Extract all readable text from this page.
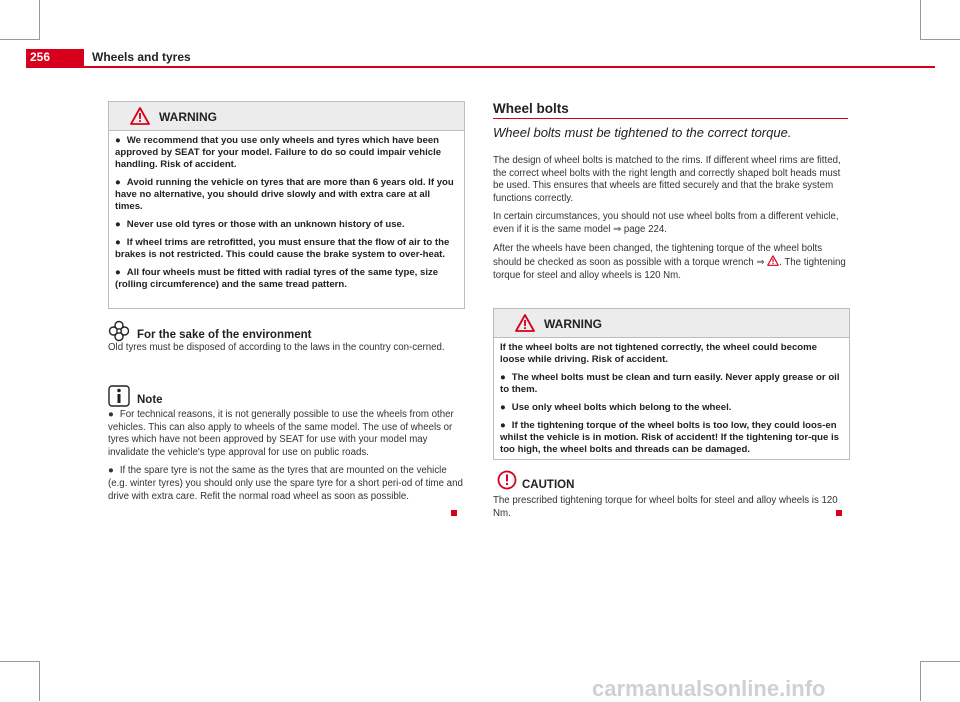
256	Wheels and tyres
WARNING

● We recommend that you use only wheels and tyres which have been approved by SEAT for your model. Failure to do so could impair vehicle handling. Risk of accident.

● Avoid running the vehicle on tyres that are more than 6 years old. If you have no alternative, you should drive slowly and with extra care at all times.

● Never use old tyres or those with an unknown history of use.

● If wheel trims are retrofitted, you must ensure that the flow of air to the brakes is not restricted. This could cause the brake system to over-heat.

● All four wheels must be fitted with radial tyres of the same type, size (rolling circumference) and the same tread pattern.

For the sake of the environment
Old tyres must be disposed of according to the laws in the country con-cerned.
Note

● For technical reasons, it is not generally possible to use the wheels from other vehicles. This can also apply to wheels of the same model. The use of wheels or tyres which have not been approved by SEAT for use with your model may invalidate the vehicle's type approval for use on public roads.

● If the spare tyre is not the same as the tyres that are mounted on the vehicle (e.g. winter tyres) you should only use the spare tyre for a short peri-od of time and drive with extra care. Refit the normal road wheel as soon as possible.

Wheel bolts
Wheel bolts must be tightened to the correct torque.

The design of wheel bolts is matched to the rims. If different wheel rims are fitted, the correct wheel bolts with the right length and correctly shaped bolt heads must be used. This ensures that wheels are fitted securely and that the brake system functions correctly.

In certain circumstances, you should not use wheel bolts from a different vehicle, even if it is the same model ⇒ page 224.

After the wheels have been changed, the tightening torque of the wheel bolts should be checked as soon as possible with a torque wrench ⇒ . The tightening torque for steel and alloy wheels is 120 Nm.

WARNING

If the wheel bolts are not tightened correctly, the wheel could become loose while driving. Risk of accident.

● The wheel bolts must be clean and turn easily. Never apply grease or oil to them.

● Use only wheel bolts which belong to the wheel.

● If the tightening torque of the wheel bolts is too low, they could loos-en whilst the vehicle is in motion. Risk of accident! If the tightening tor-que is too high, the wheel bolts and threads can be damaged.

CAUTION
The prescribed tightening torque for wheel bolts for steel and alloy wheels is 120 Nm.
carmanualsonline.info
